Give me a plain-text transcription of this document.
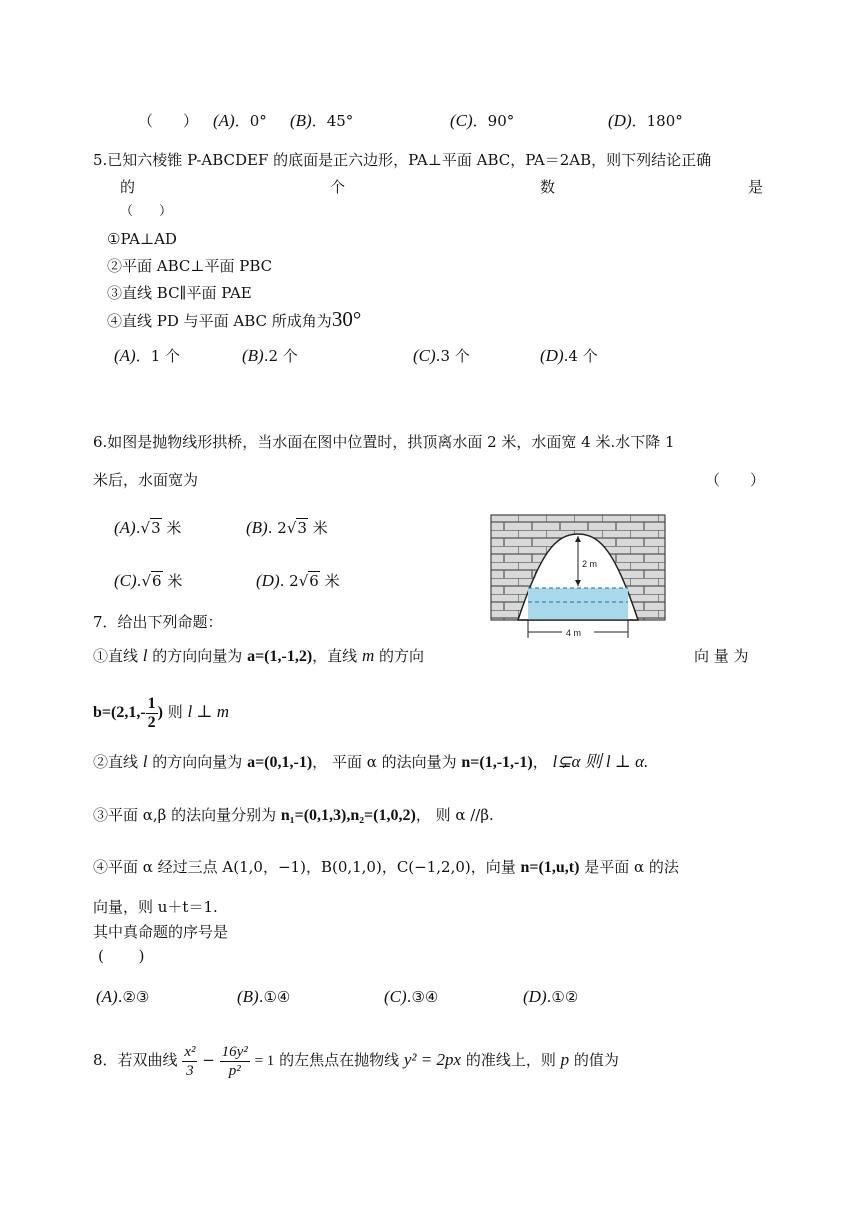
（　　） (A)．0° (B)．45°	(C)．90°	(D)．180°
5.已知六棱锥 P-ABCDEF 的底面是正六边形，PA⊥平面 ABC，PA＝2AB，则下列结论正确
的	个	数	是
（　　）
①PA⊥AD
②平面 ABC⊥平面 PBC
③直线 BC∥平面 PAE
④直线 PD 与平面 ABC 所成角为30°
(A)．1 个	(B).2 个	(C).3 个	(D).4 个
6.如图是抛物线形拱桥，当水面在图中位置时，拱顶离水面 2 米，水面宽 4 米.水下降 1
米后，水面宽为	（　　）
(A).√3 米	(B). 2√3 米
(C).√6 米	(D). 2√6 米
2 m
l
4 m
7．给出下列命题：
①直线 l 的方向向量为 a=(1,-1,2)，直线 m 的方向	向 量 为
$b=(2,1,- \frac{1}{2}$ ) 则 l ⊥ m
②直线 l 的方向向量为 a=(0,1,-1)， 平面 α 的法向量为 n=(1,-1,-1)， l⊊α 则 l ⊥ α.
③平面 α,β 的法向量分别为 n₁=(0,1,3),n₂=(1,0,2)， 则 α //β.
④平面 α 经过三点 A(1,0，−1)，B(0,1,0)，C(−1,2,0)，向量 n=(1,u,t) 是平面 α 的法
向量，则 u＋t＝1.
其中真命题的序号是
(　　 )
(A).②③	(B).①④	(C).③④	(D).①②
8．若双曲线 $\frac{\text{x²}}{3} - \frac{\text{16y²}}{\text{p²}} = 1$ 的左焦点在抛物线 y² = 2px 的准线上，则 p 的值为
